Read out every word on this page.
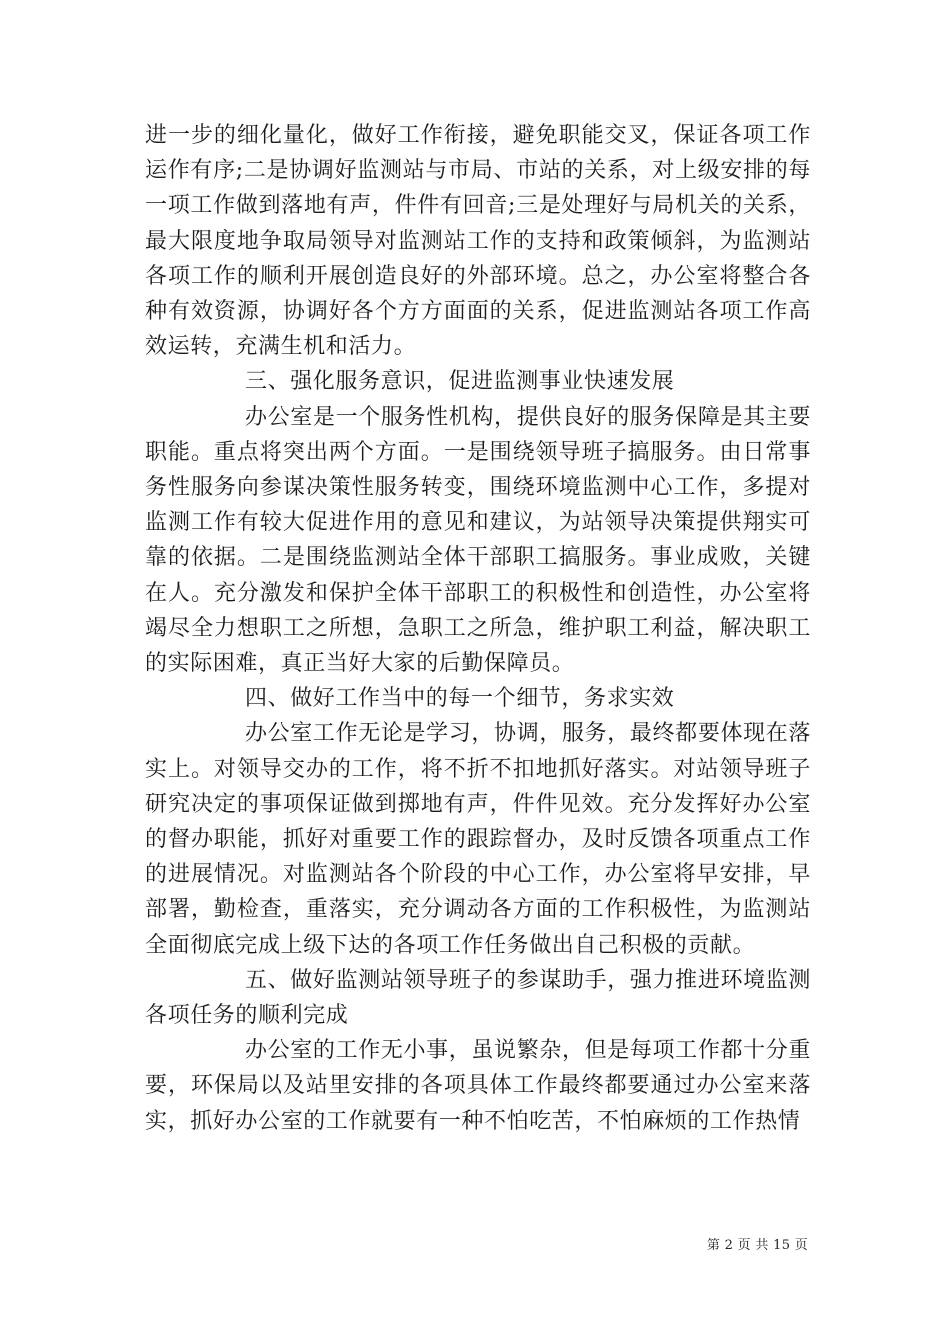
进一步的细化量化，做好工作衔接，避免职能交叉，保证各项工作运作有序;二是协调好监测站与市局、市站的关系，对上级安排的每一项工作做到落地有声，件件有回音;三是处理好与局机关的关系，最大限度地争取局领导对监测站工作的支持和政策倾斜，为监测站各项工作的顺利开展创造良好的外部环境。总之，办公室将整合各种有效资源，协调好各个方方面面的关系，促进监测站各项工作高效运转，充满生机和活力。

三、强化服务意识，促进监测事业快速发展

办公室是一个服务性机构，提供良好的服务保障是其主要职能。重点将突出两个方面。一是围绕领导班子搞服务。由日常事务性服务向参谋决策性服务转变，围绕环境监测中心工作，多提对监测工作有较大促进作用的意见和建议，为站领导决策提供翔实可靠的依据。二是围绕监测站全体干部职工搞服务。事业成败，关键在人。充分激发和保护全体干部职工的积极性和创造性，办公室将竭尽全力想职工之所想，急职工之所急，维护职工利益，解决职工的实际困难，真正当好大家的后勤保障员。

四、做好工作当中的每一个细节，务求实效

办公室工作无论是学习，协调，服务，最终都要体现在落实上。对领导交办的工作，将不折不扣地抓好落实。对站领导班子研究决定的事项保证做到掷地有声，件件见效。充分发挥好办公室的督办职能，抓好对重要工作的跟踪督办，及时反馈各项重点工作的进展情况。对监测站各个阶段的中心工作，办公室将早安排，早部署，勤检查，重落实，充分调动各方面的工作积极性，为监测站全面彻底完成上级下达的各项工作任务做出自己积极的贡献。

五、做好监测站领导班子的参谋助手，强力推进环境监测各项任务的顺利完成

办公室的工作无小事，虽说繁杂，但是每项工作都十分重要，环保局以及站里安排的各项具体工作最终都要通过办公室来落实，抓好办公室的工作就要有一种不怕吃苦，不怕麻烦的工作热情

第 2 页 共 15 页
